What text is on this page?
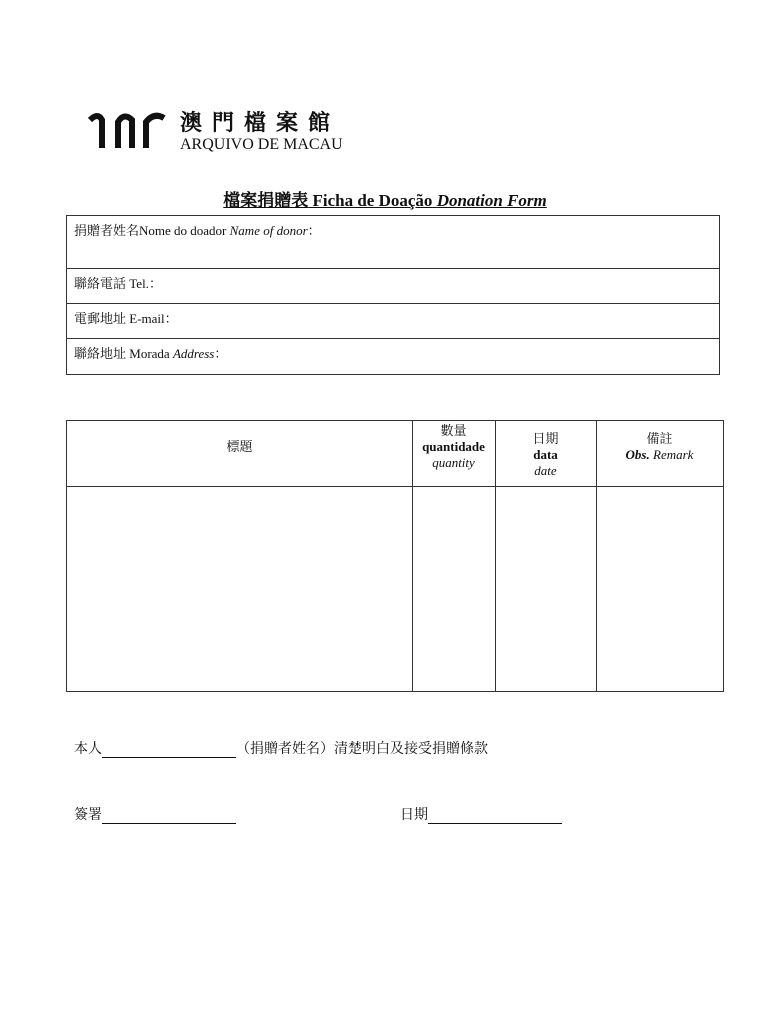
澳門檔案館
ARQUIVO DE MACAU
檔案捐贈表 Ficha de Doação Donation Form
捐贈者姓名Nome do doador Name of donor：
聯絡電話 Tel.：
電郵地址 E-mail：
聯絡地址 Morada Address：
標題
數量
quantidade
quantity
日期
data
date
備註
Obs. Remark
本人	（捐贈者姓名）清楚明白及接受捐贈條款
簽署	日期
